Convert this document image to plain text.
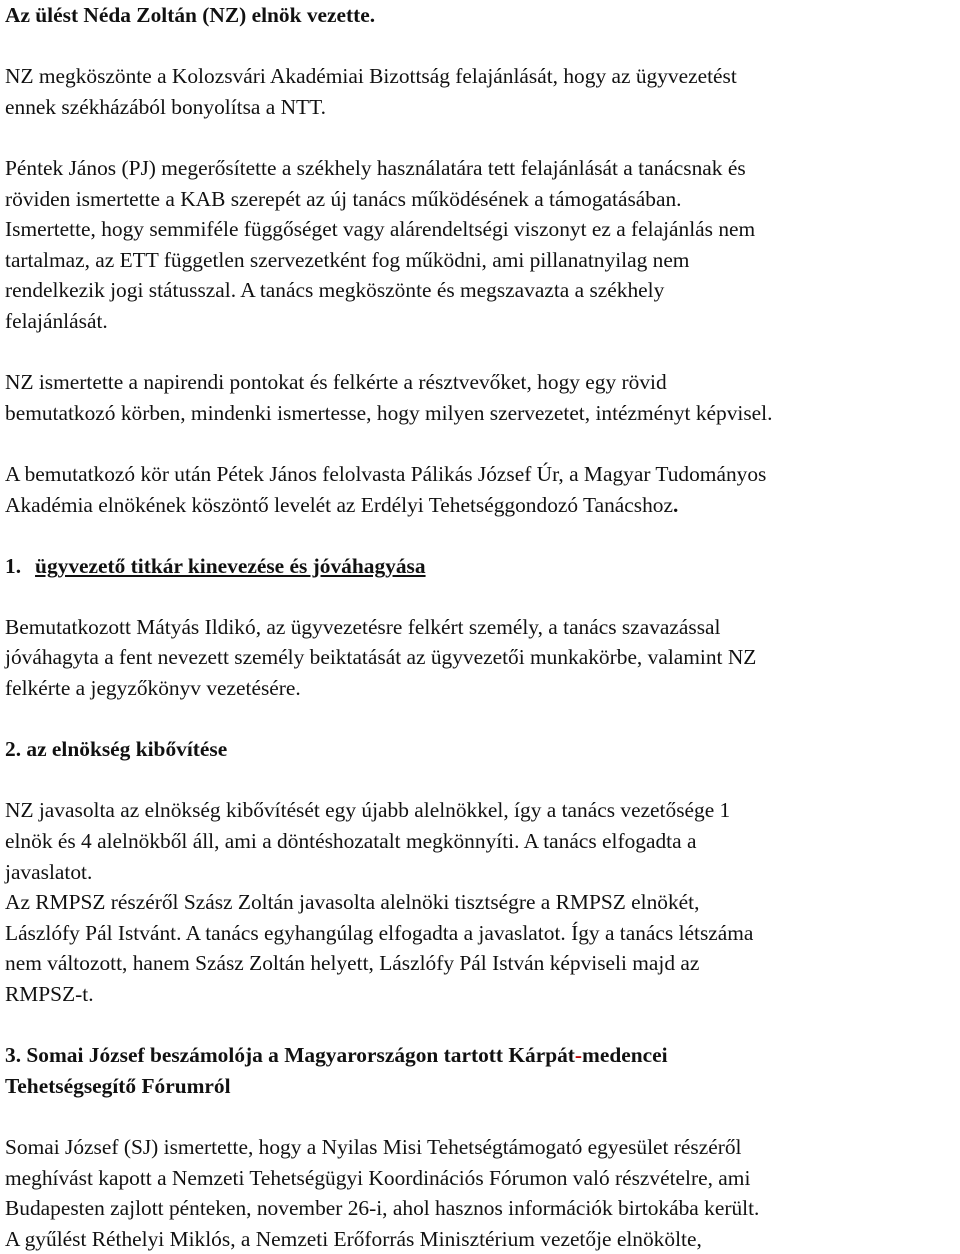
Az ülést Néda Zoltán (NZ) elnök vezette.

NZ megköszönte a Kolozsvári Akadémiai Bizottság felajánlását, hogy az ügyvezetést
ennek székházából bonyolítsa a NTT.

Péntek János (PJ) megerősítette a székhely használatára tett felajánlását a tanácsnak és
röviden ismertette a KAB szerepét az új tanács működésének a támogatásában.
Ismertette, hogy semmiféle függőséget vagy alárendeltségi viszonyt ez a felajánlás nem
tartalmaz, az ETT független szervezetként fog működni, ami pillanatnyilag nem
rendelkezik jogi státusszal. A tanács megköszönte és megszavazta a székhely
felajánlását.

NZ ismertette a napirendi pontokat és felkérte a résztvevőket, hogy egy rövid
bemutatkozó körben, mindenki ismertesse, hogy milyen szervezetet, intézményt képvisel.

A bemutatkozó kör után Pétek János felolvasta Pálikás József Úr, a Magyar Tudományos
Akadémia elnökének köszöntő levelét az Erdélyi Tehetséggondozó Tanácshoz.

1. ügyvezető titkár kinevezése és jóváhagyása

Bemutatkozott Mátyás Ildikó, az ügyvezetésre felkért személy, a tanács szavazással
jóváhagyta a fent nevezett személy beiktatását az ügyvezetői munkakörbe, valamint NZ
felkérte a jegyzőkönyv vezetésére.

2. az elnökség kibővítése

NZ javasolta az elnökség kibővítését egy újabb alelnökkel, így a tanács vezetősége 1
elnök és 4 alelnökből áll, ami a döntéshozatalt megkönnyíti. A tanács elfogadta a
javaslatot.
Az RMPSZ részéről Szász Zoltán javasolta alelnöki tisztségre a RMPSZ elnökét,
Lászlófy Pál Istvánt. A tanács egyhangúlag elfogadta a javaslatot. Így a tanács létszáma
nem változott, hanem Szász Zoltán helyett, Lászlófy Pál István képviseli majd az
RMPSZ-t.

3. Somai József beszámolója a Magyarországon tartott Kárpát-medencei
Tehetségsegítő Fórumról

Somai József (SJ) ismertette, hogy a Nyilas Misi Tehetségtámogató egyesület részéről
meghívást kapott a Nemzeti Tehetségügyi Koordinációs Fórumon való részvételre, ami
Budapesten zajlott pénteken, november 26-i, ahol hasznos információk birtokába került.
A gyűlést Réthelyi Miklós, a Nemzeti Erőforrás Minisztérium vezetője elnökölte,
